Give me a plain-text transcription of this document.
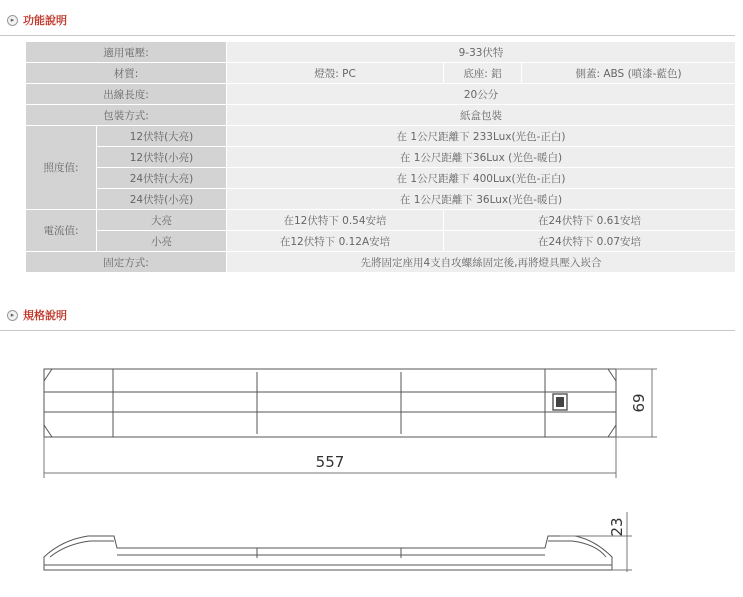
▸ 功能說明
適用電壓:		9-33伏特		
材質:		燈殼: PC	底座: 鋁	側蓋: ABS (噴漆-藍色)
出線長度:		20公分		
包裝方式:		紙盒包裝		
照度值:	12伏特(大亮)	在 1公尺距離下 233Lux(光色-正白)		
	12伏特(小亮)	在 1公尺距離下36Lux (光色-暖白)		
	24伏特(大亮)	在 1公尺距離下 400Lux(光色-正白)		
	24伏特(小亮)	在 1公尺距離下 36Lux(光色-暖白)		
電流值:	大亮	在12伏特下 0.54安培	在24伏特下 0.61安培	
	小亮	在12伏特下 0.12A安培	在24伏特下 0.07安培	
固定方式:		先將固定座用4支自攻螺絲固定後,再將燈具壓入崁合		
▸ 規格說明
557
69
23
